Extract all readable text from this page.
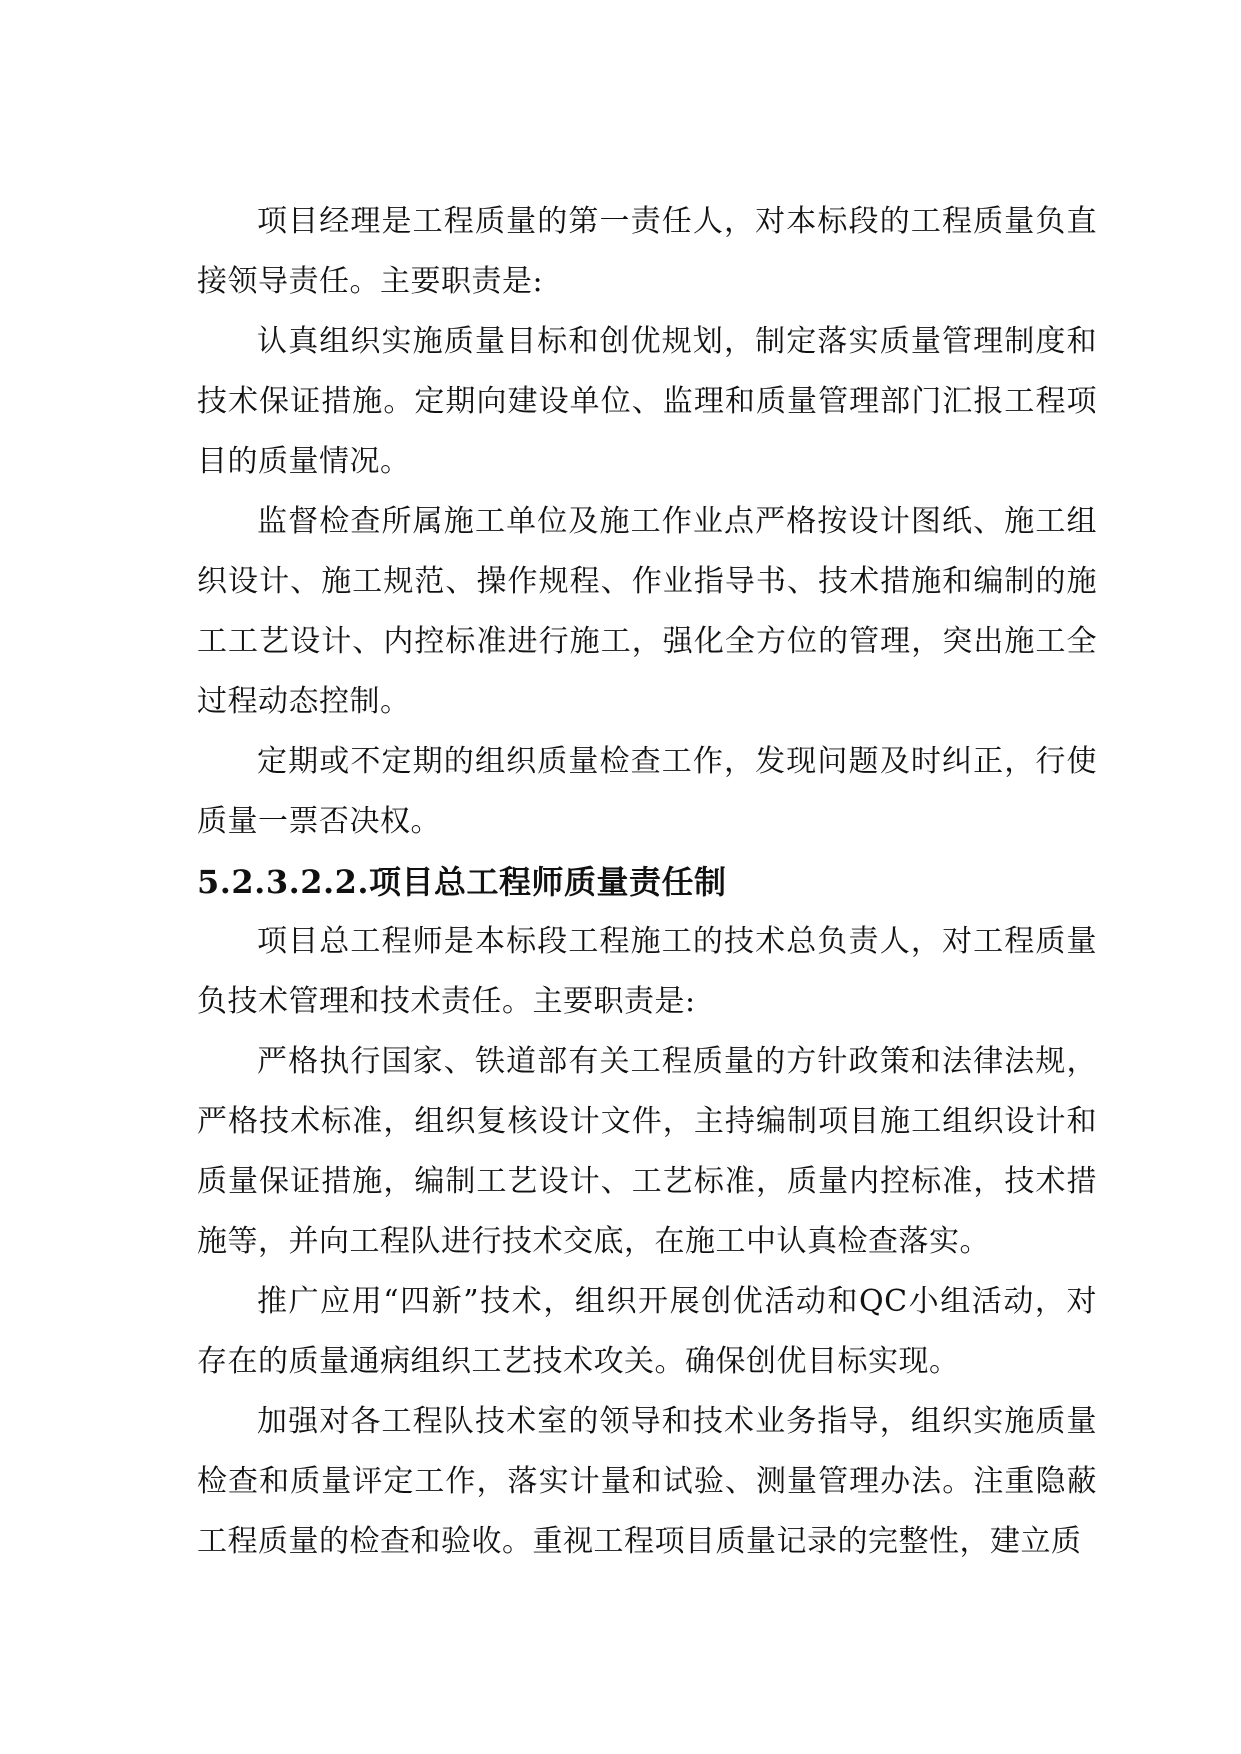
项目经理是工程质量的第一责任人，对本标段的工程质量负直接领导责任。主要职责是:

认真组织实施质量目标和创优规划，制定落实质量管理制度和技术保证措施。定期向建设单位、监理和质量管理部门汇报工程项目的质量情况。

监督检查所属施工单位及施工作业点严格按设计图纸、施工组织设计、施工规范、操作规程、作业指导书、技术措施和编制的施工工艺设计、内控标准进行施工，强化全方位的管理，突出施工全过程动态控制。

定期或不定期的组织质量检查工作，发现问题及时纠正，行使质量一票否决权。

5.2.3.2.2.项目总工程师质量责任制

项目总工程师是本标段工程施工的技术总负责人，对工程质量负技术管理和技术责任。主要职责是:

严格执行国家、铁道部有关工程质量的方针政策和法律法规，严格技术标准，组织复核设计文件，主持编制项目施工组织设计和质量保证措施，编制工艺设计、工艺标准，质量内控标准，技术措施等，并向工程队进行技术交底，在施工中认真检查落实。

推广应用“四新”技术，组织开展创优活动和QC小组活动，对存在的质量通病组织工艺技术攻关。确保创优目标实现。

加强对各工程队技术室的领导和技术业务指导，组织实施质量检查和质量评定工作，落实计量和试验、测量管理办法。注重隐蔽工程质量的检查和验收。重视工程项目质量记录的完整性，建立质
